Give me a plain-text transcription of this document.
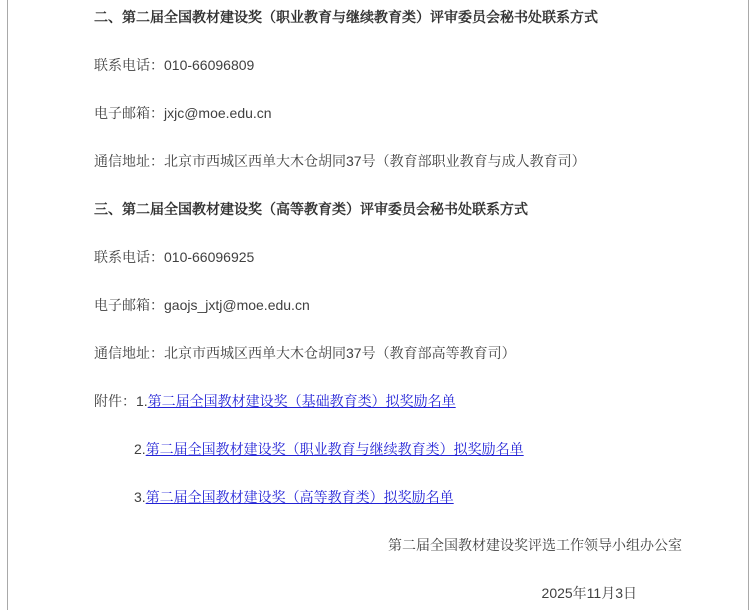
二、第二届全国教材建设奖（职业教育与继续教育类）评审委员会秘书处联系方式

联系电话：010-66096809

电子邮箱：jxjc@moe.edu.cn

通信地址：北京市西城区西单大木仓胡同37号（教育部职业教育与成人教育司）

三、第二届全国教材建设奖（高等教育类）评审委员会秘书处联系方式

联系电话：010-66096925

电子邮箱：gaojs_jxtj@moe.edu.cn

通信地址：北京市西城区西单大木仓胡同37号（教育部高等教育司）

附件：1.第二届全国教材建设奖（基础教育类）拟奖励名单

2.第二届全国教材建设奖（职业教育与继续教育类）拟奖励名单

3.第二届全国教材建设奖（高等教育类）拟奖励名单

第二届全国教材建设奖评选工作领导小组办公室

2025年11月3日
